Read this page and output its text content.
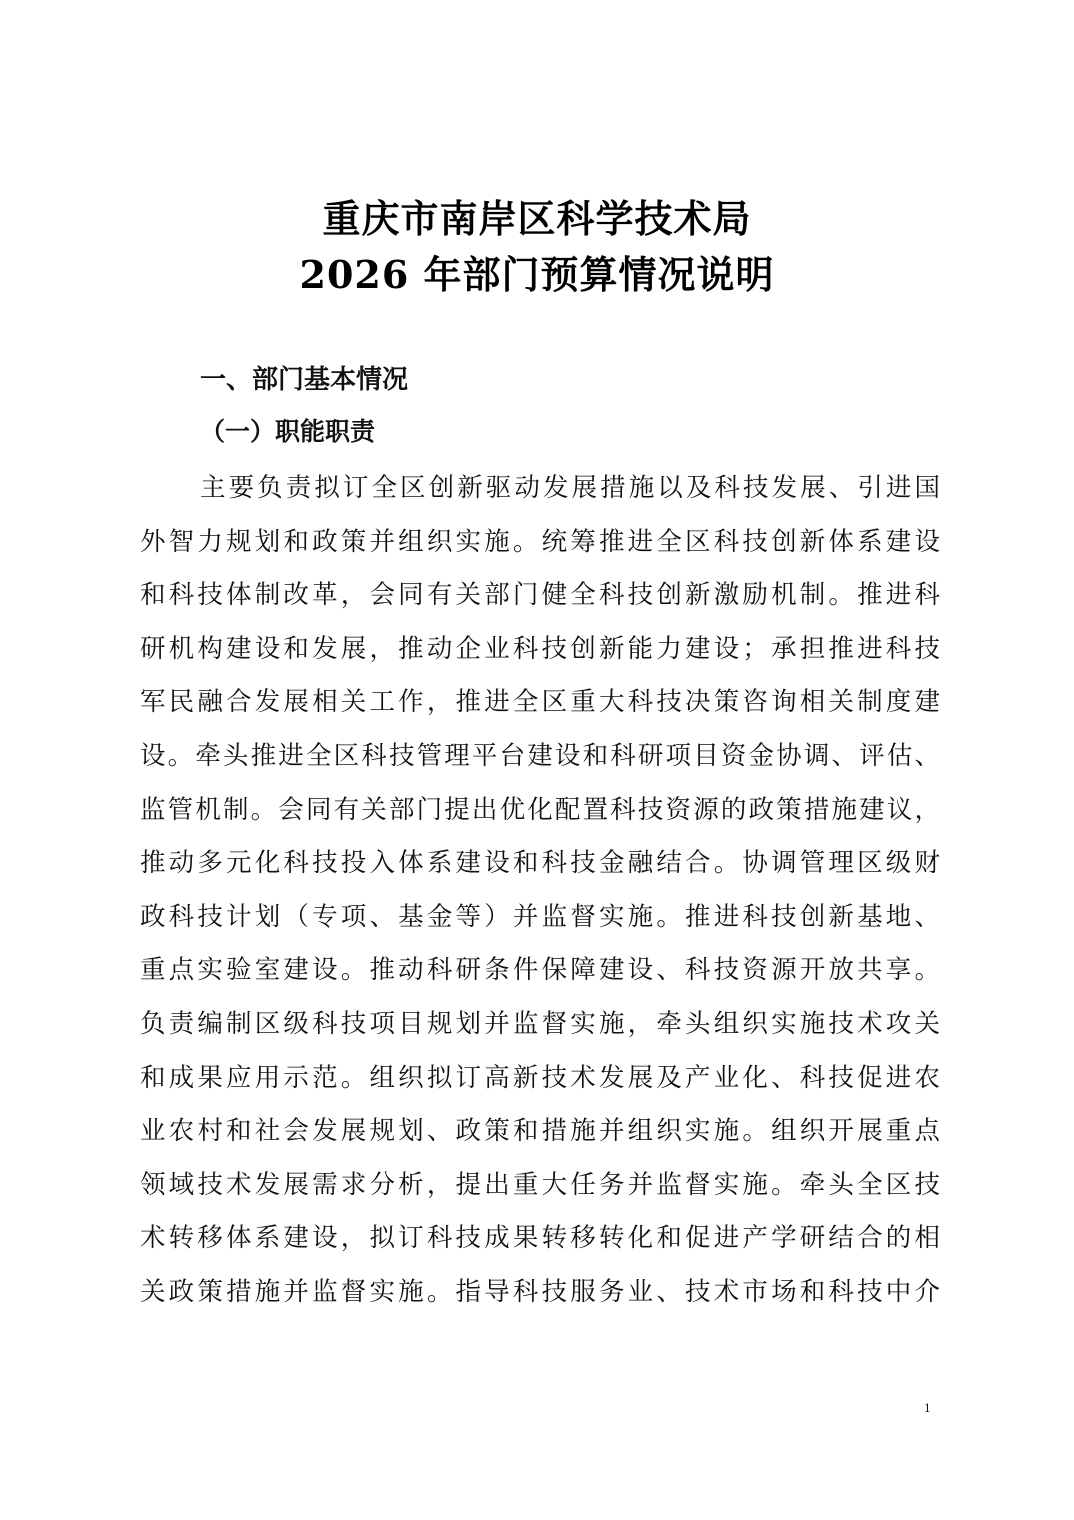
重庆市南岸区科学技术局
2026 年部门预算情况说明
一、部门基本情况
（一）职能职责
主要负责拟订全区创新驱动发展措施以及科技发展、引进国
外智力规划和政策并组织实施。统筹推进全区科技创新体系建设
和科技体制改革，会同有关部门健全科技创新激励机制。推进科
研机构建设和发展，推动企业科技创新能力建设；承担推进科技
军民融合发展相关工作，推进全区重大科技决策咨询相关制度建
设。牵头推进全区科技管理平台建设和科研项目资金协调、评估、
监管机制。会同有关部门提出优化配置科技资源的政策措施建议，
推动多元化科技投入体系建设和科技金融结合。协调管理区级财
政科技计划（专项、基金等）并监督实施。推进科技创新基地、
重点实验室建设。推动科研条件保障建设、科技资源开放共享。
负责编制区级科技项目规划并监督实施，牵头组织实施技术攻关
和成果应用示范。组织拟订高新技术发展及产业化、科技促进农
业农村和社会发展规划、政策和措施并组织实施。组织开展重点
领域技术发展需求分析，提出重大任务并监督实施。牵头全区技
术转移体系建设，拟订科技成果转移转化和促进产学研结合的相
关政策措施并监督实施。指导科技服务业、技术市场和科技中介
1
